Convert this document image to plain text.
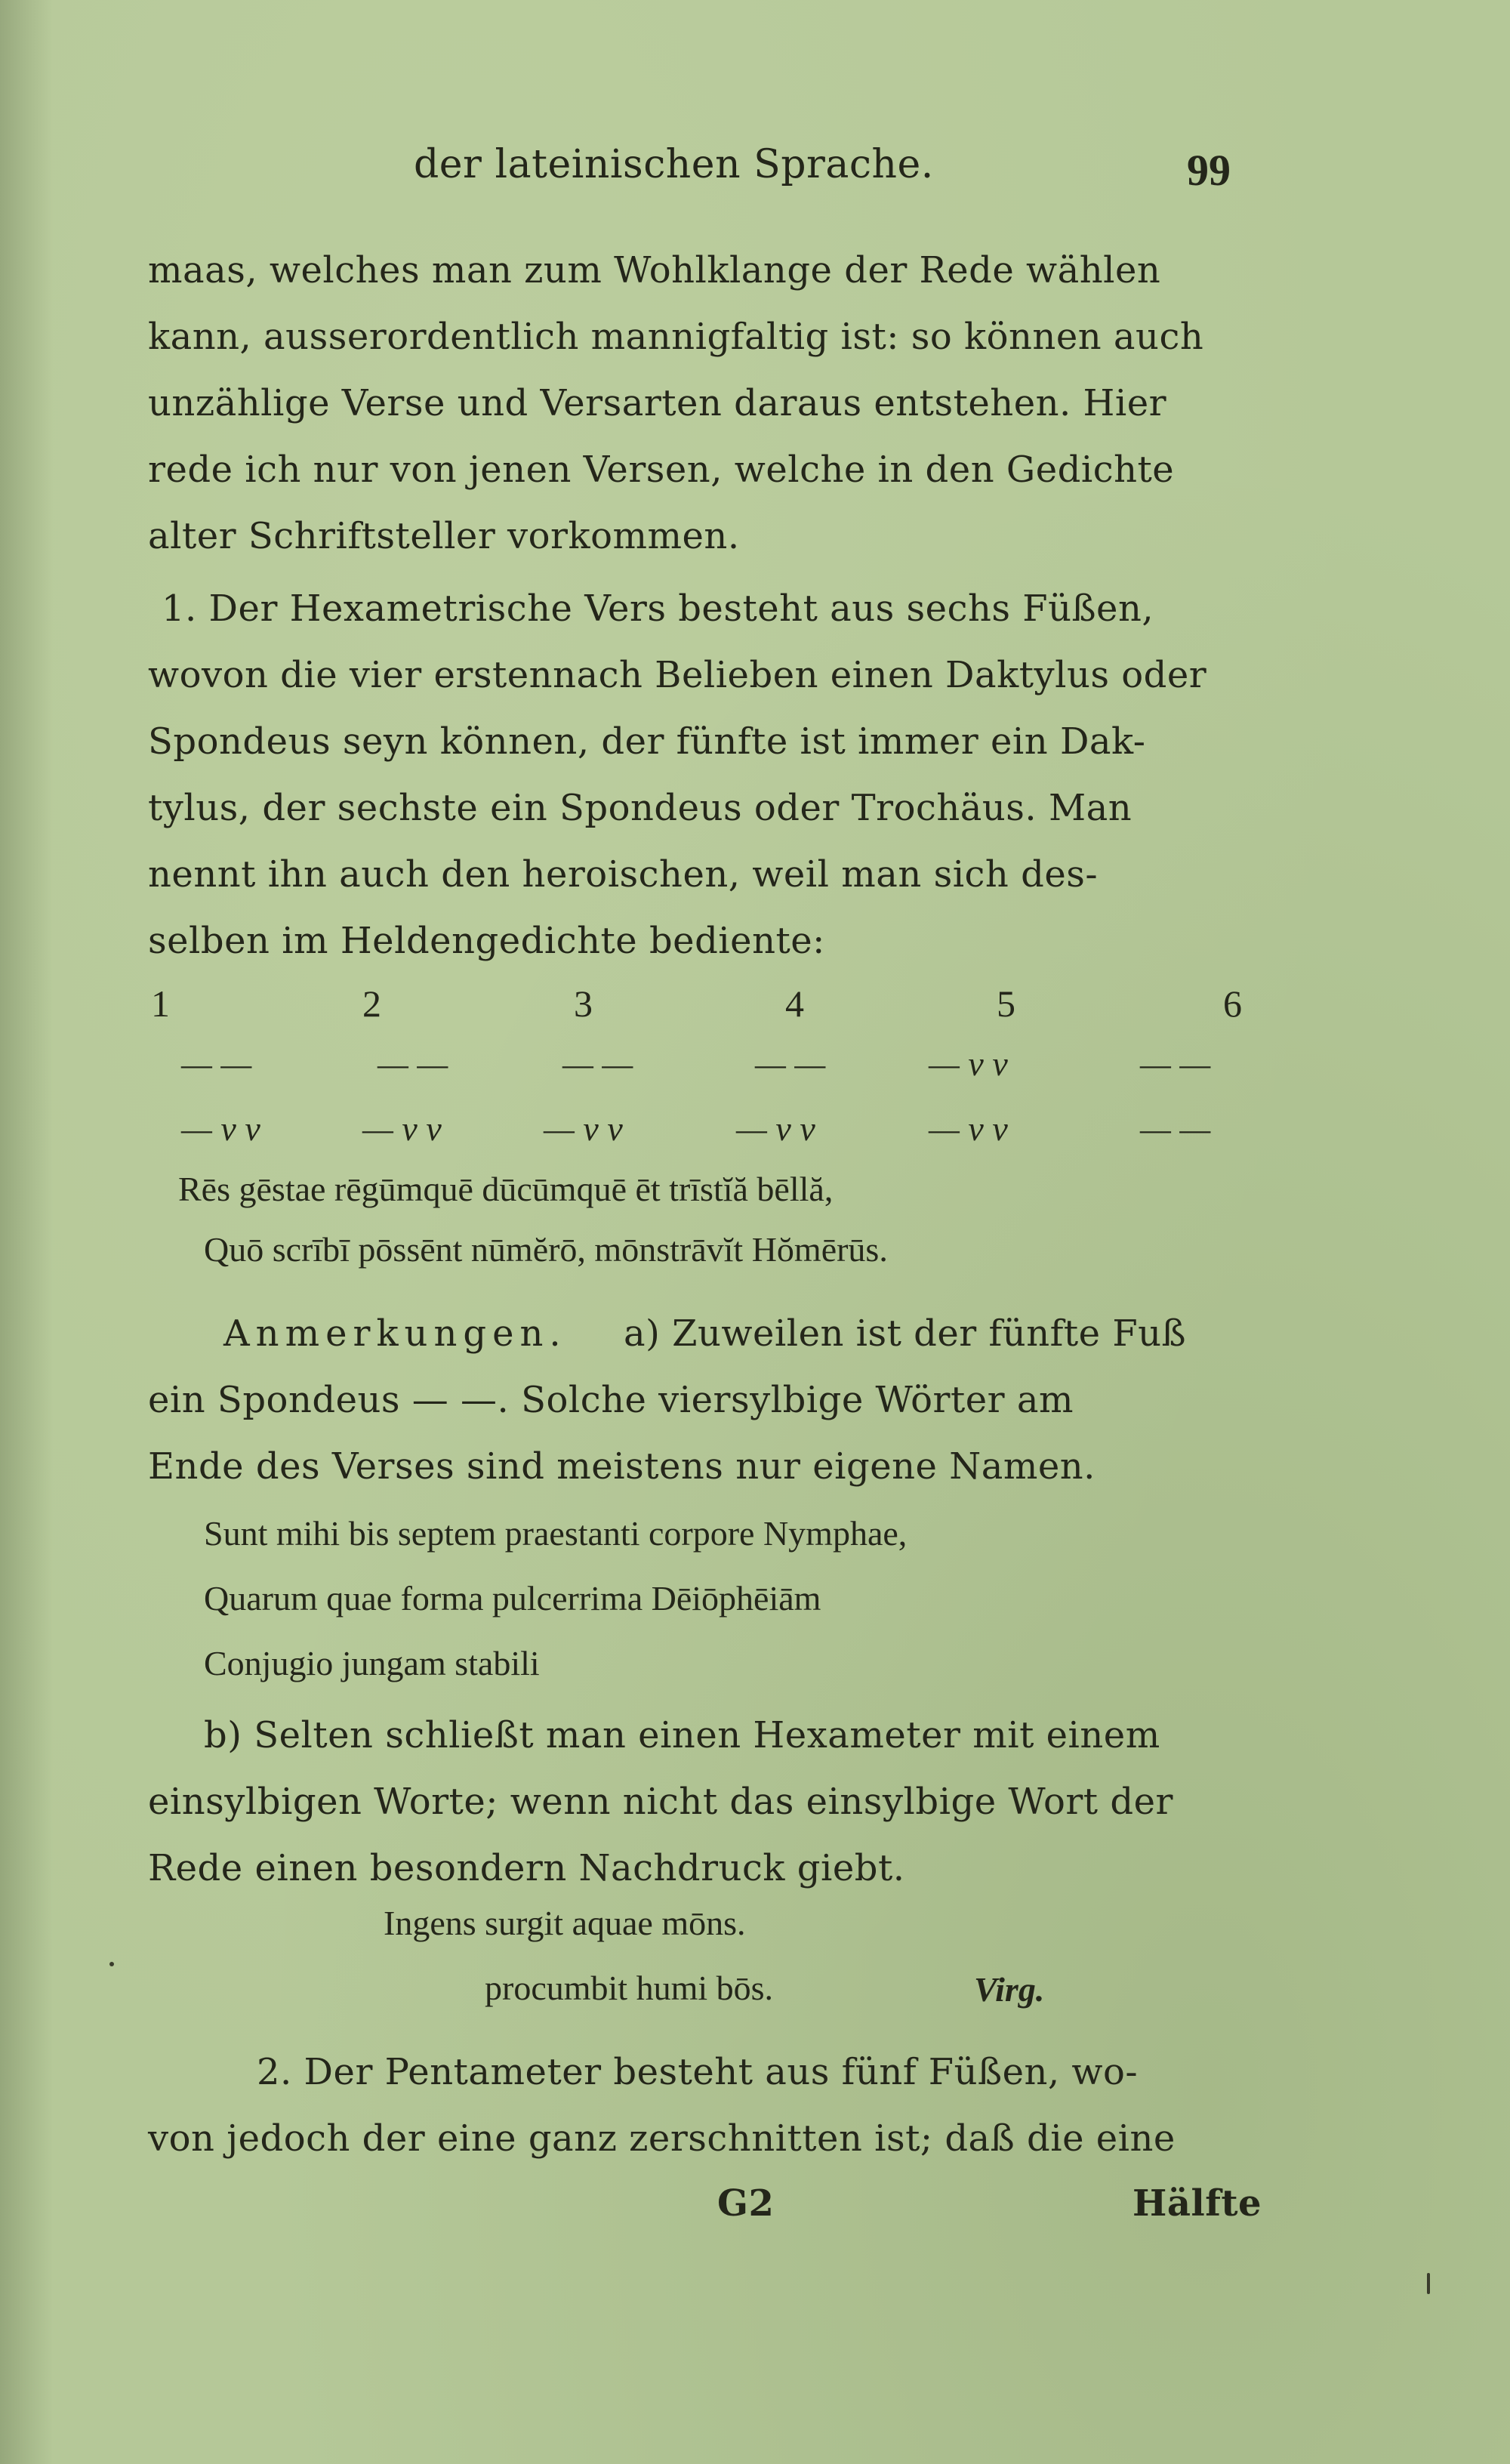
der lateinischen Sprache.	99
maas, welches man zum Wohlklange der Rede wählen
kann, ausserordentlich mannigfaltig ist: so können auch
unzählige Verse und Versarten daraus entstehen. Hier
rede ich nur von jenen Versen, welche in den Gedichte
alter Schriftsteller vorkommen.
1. Der Hexametrische Vers besteht aus sechs Füßen,
wovon die vier erstennach Belieben einen Daktylus oder
Spondeus seyn können, der fünfte ist immer ein Dak-
tylus, der sechste ein Spondeus oder Trochäus. Man
nennt ihn auch den heroischen, weil man sich des-
selben im Heldengedichte bediente:
1	2	3	4	5	6
— —	— —	— —	— —	— v v	— —
— v v	— v v	— v v	— v v	— v v	— —
Rēs gēstae rēgūmquē dūcūmquē ēt trīstĭă bēllă,
Quō scrībī pōssēnt nūmĕrō, mōnstrāvĭt Hŏmērūs.
Anmerkungen. a) Zuweilen ist der fünfte Fuß
ein Spondeus — —. Solche viersylbige Wörter am
Ende des Verses sind meistens nur eigene Namen.
Sunt mihi bis septem praestanti corpore Nymphae,
Quarum quae forma pulcerrima Dēiōphēiām
Conjugio jungam stabili
b) Selten schließt man einen Hexameter mit einem
einsylbigen Worte; wenn nicht das einsylbige Wort der
Rede einen besondern Nachdruck giebt.
Ingens surgit aquae mōns.
procumbit humi bōs.	Virg.
2. Der Pentameter besteht aus fünf Füßen, wo-
von jedoch der eine ganz zerschnitten ist; daß die eine
G2	Hälfte
